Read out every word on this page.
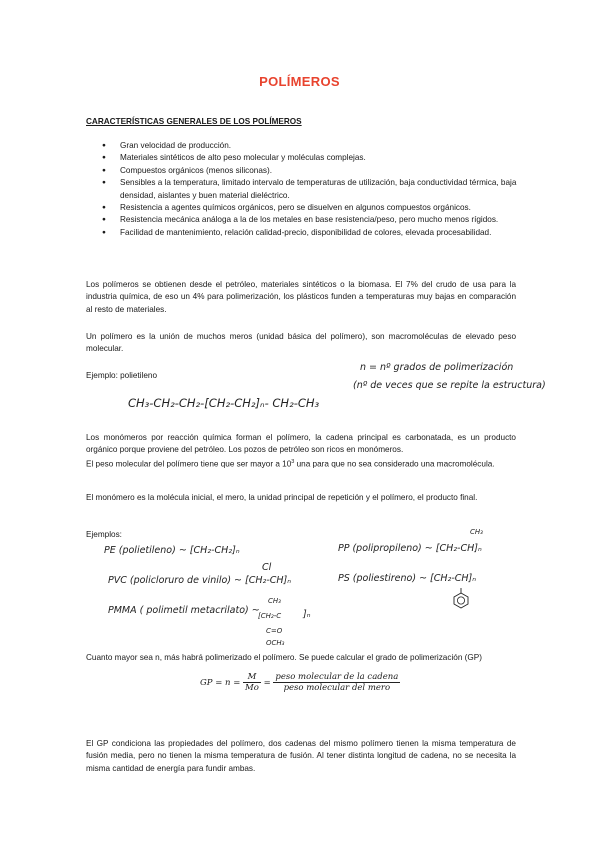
POLÍMEROS
CARACTERÍSTICAS GENERALES DE LOS POLÍMEROS
● Gran velocidad de producción.
● Materiales sintéticos de alto peso molecular y moléculas complejas.
● Compuestos orgánicos (menos siliconas).
● Sensibles a la temperatura, limitado intervalo de temperaturas de utilización, baja conductividad térmica, baja densidad, aislantes y buen material dieléctrico.
● Resistencia a agentes químicos orgánicos, pero se disuelven en algunos compuestos orgánicos.
● Resistencia mecánica análoga a la de los metales en base resistencia/peso, pero mucho menos rígidos.
● Facilidad de mantenimiento, relación calidad-precio, disponibilidad de colores, elevada procesabilidad.
Los polímeros se obtienen desde el petróleo, materiales sintéticos o la biomasa. El 7% del crudo de usa para la industria química, de eso un 4% para polimerización, los plásticos funden a temperaturas muy bajas en comparación al resto de materiales.
Un polímero es la unión de muchos meros (unidad básica del polímero), son macromoléculas de elevado peso molecular.
Ejemplo: polietileno
n = nº grados de polimerización
(nº de veces que se repite la estructura)
CH₃-CH₂-CH₂-[CH₂-CH₂]ₙ- CH₂-CH₃
Los monómeros por reacción química forman el polímero, la cadena principal es carbonatada, es un producto orgánico porque proviene del petróleo. Los pozos de petróleo son ricos en monómeros.
El peso molecular del polímero tiene que ser mayor a $10^3$ una para que no sea considerado una macromolécula.
El monómero es la molécula inicial, el mero, la unidad principal de repetición y el polímero, el producto final.
Ejemplos:
PE (polietileno) ~ [CH₂-CH₂]ₙ
CH₃
PP (polipropileno) ~ [CH₂-CH]ₙ
Cl
PVC (policloruro de vinilo) ~ [CH₂-CH]ₙ	PS (poliestireno) ~ [CH₂-CH]ₙ
PMMA ( polimetil metacrilato) ~
CH₃
[CH₂-C ]ₙ
C=O
OCH₃
Cuanto mayor sea n, más habrá polimerizado el polímero. Se puede calcular el grado de polimerización (GP)
GP = $n = \frac{M}{Mo} = \frac{\text{peso molecular de la cadena}}{\text{peso molecular del mero}}$
El GP condiciona las propiedades del polímero, dos cadenas del mismo polímero tienen la misma temperatura de fusión media, pero no tienen la misma temperatura de fusión. Al tener distinta longitud de cadena, no se necesita la misma cantidad de energía para fundir ambas.
